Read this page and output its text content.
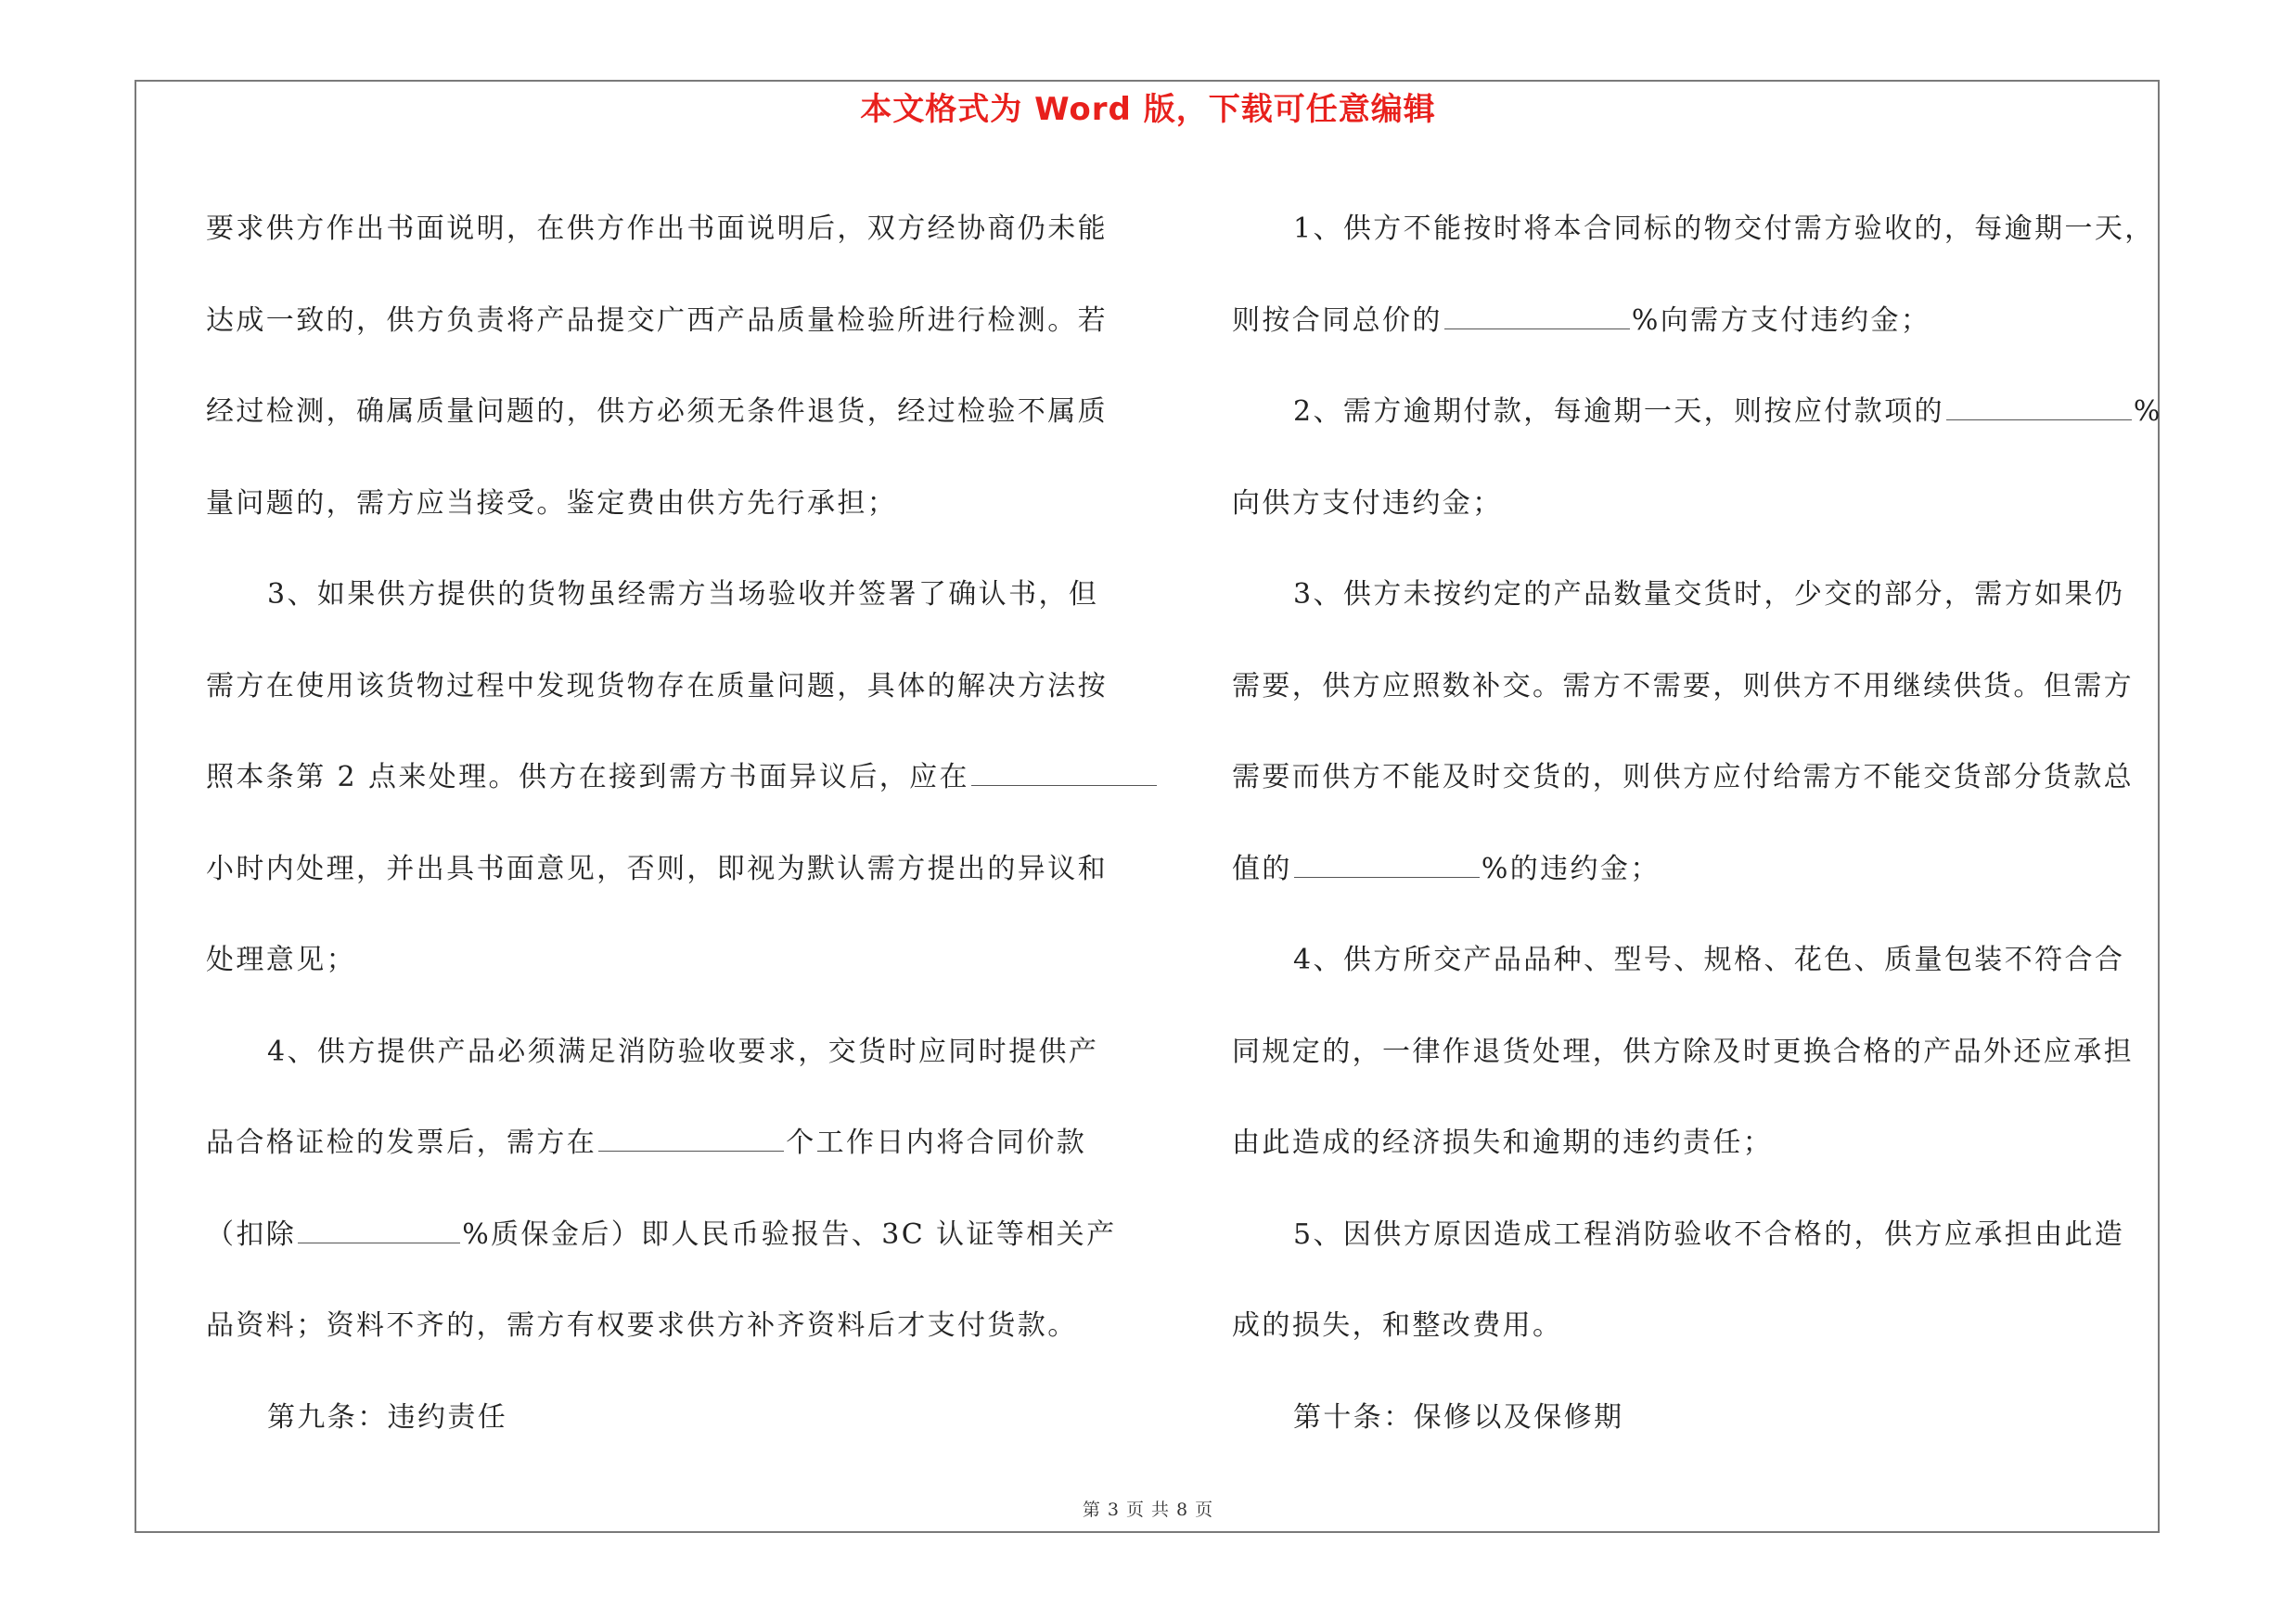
本文格式为 Word 版，下载可任意编辑
要求供方作出书面说明，在供方作出书面说明后，双方经协商仍未能
达成一致的，供方负责将产品提交广西产品质量检验所进行检测。若
经过检测，确属质量问题的，供方必须无条件退货，经过检验不属质
量问题的，需方应当接受。鉴定费由供方先行承担；
3、如果供方提供的货物虽经需方当场验收并签署了确认书，但
需方在使用该货物过程中发现货物存在质量问题，具体的解决方法按
照本条第 2 点来处理。供方在接到需方书面异议后，应在
小时内处理，并出具书面意见，否则，即视为默认需方提出的异议和
处理意见；
4、供方提供产品必须满足消防验收要求，交货时应同时提供产
品合格证检的发票后，需方在	个工作日内将合同价款
（扣除	%质保金后）即人民币验报告、3C 认证等相关产
品资料；资料不齐的，需方有权要求供方补齐资料后才支付货款。
第九条：违约责任
1、供方不能按时将本合同标的物交付需方验收的，每逾期一天，
则按合同总价的	%向需方支付违约金；
2、需方逾期付款，每逾期一天，则按应付款项的	%
向供方支付违约金；
3、供方未按约定的产品数量交货时，少交的部分，需方如果仍
需要，供方应照数补交。需方不需要，则供方不用继续供货。但需方
需要而供方不能及时交货的，则供方应付给需方不能交货部分货款总
值的	%的违约金；
4、供方所交产品品种、型号、规格、花色、质量包装不符合合
同规定的，一律作退货处理，供方除及时更换合格的产品外还应承担
由此造成的经济损失和逾期的违约责任；
5、因供方原因造成工程消防验收不合格的，供方应承担由此造
成的损失，和整改费用。
第十条：保修以及保修期
第 3 页 共 8 页
